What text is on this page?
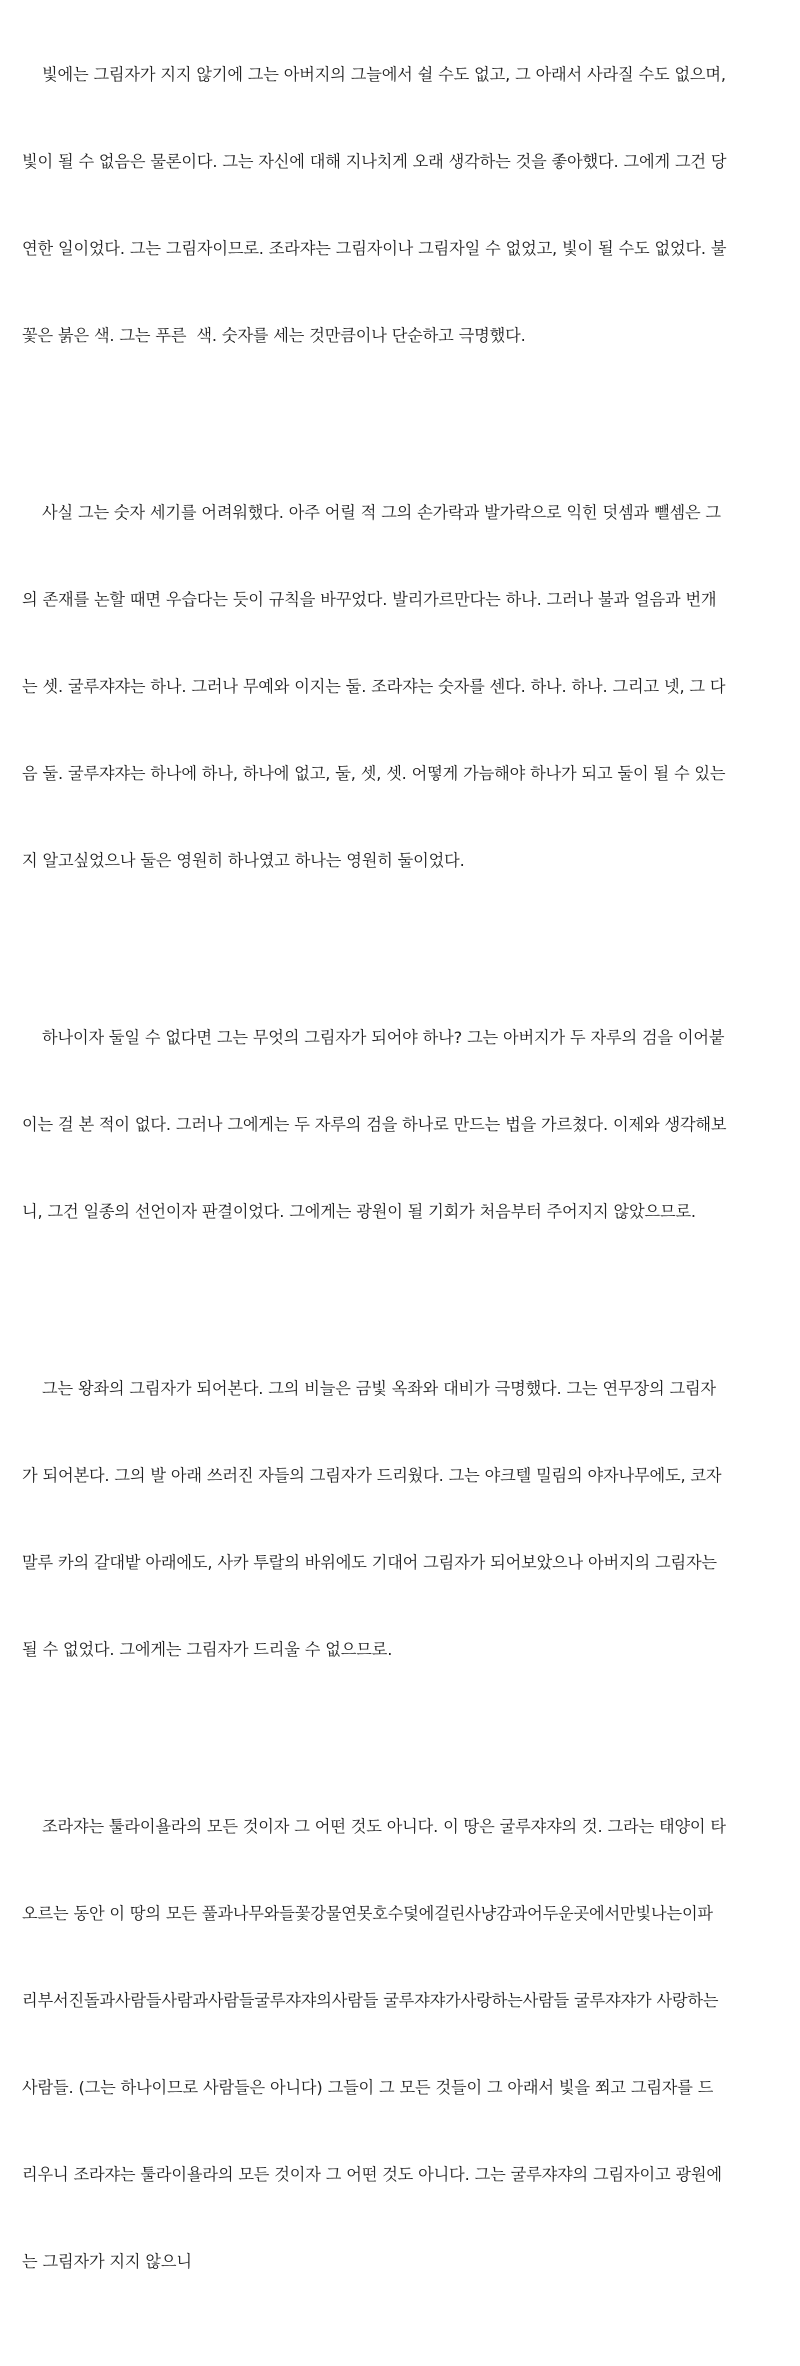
빛에는 그림자가 지지 않기에 그는 아버지의 그늘에서 쉴 수도 없고, 그 아래서 사라질 수도 없으며,

빛이 될 수 없음은 물론이다. 그는 자신에 대해 지나치게 오래 생각하는 것을 좋아했다. 그에게 그건 당

연한 일이었다. 그는 그림자이므로. 조라쟈는 그림자이나 그림자일 수 없었고, 빛이 될 수도 없었다. 불

꽃은 붉은 색. 그는 푸른  색. 숫자를 세는 것만큼이나 단순하고 극명했다.

사실 그는 숫자 세기를 어려워했다. 아주 어릴 적 그의 손가락과 발가락으로 익힌 덧셈과 뺄셈은 그

의 존재를 논할 때면 우습다는 듯이 규칙을 바꾸었다. 발리가르만다는 하나. 그러나 불과 얼음과 번개

는 셋. 굴루쟈쟈는 하나. 그러나 무예와 이지는 둘. 조라쟈는 숫자를 센다. 하나. 하나. 그리고 넷, 그 다

음 둘. 굴루쟈쟈는 하나에 하나, 하나에 없고, 둘, 셋, 셋. 어떻게 가늠해야 하나가 되고 둘이 될 수 있는

지 알고싶었으나 둘은 영원히 하나였고 하나는 영원히 둘이었다.

하나이자 둘일 수 없다면 그는 무엇의 그림자가 되어야 하나? 그는 아버지가 두 자루의 검을 이어붙

이는 걸 본 적이 없다. 그러나 그에게는 두 자루의 검을 하나로 만드는 법을 가르쳤다. 이제와 생각해보

니, 그건 일종의 선언이자 판결이었다. 그에게는 광원이 될 기회가 처음부터 주어지지 않았으므로.

그는 왕좌의 그림자가 되어본다. 그의 비늘은 금빛 옥좌와 대비가 극명했다. 그는 연무장의 그림자

가 되어본다. 그의 발 아래 쓰러진 자들의 그림자가 드리웠다. 그는 야크텔 밀림의 야자나무에도, 코자

말루 카의 갈대밭 아래에도, 사카 투랄의 바위에도 기대어 그림자가 되어보았으나 아버지의 그림자는

될 수 없었다. 그에게는 그림자가 드리울 수 없으므로.

조라쟈는 툴라이욜라의 모든 것이자 그 어떤 것도 아니다. 이 땅은 굴루쟈쟈의 것. 그라는 태양이 타

오르는 동안 이 땅의 모든 풀과나무와들꽃강물연못호수덫에걸린사냥감과어두운곳에서만빛나는이파

리부서진돌과사람들사람과사람들굴루쟈쟈의사람들 굴루쟈쟈가사랑하는사람들 굴루쟈쟈가 사랑하는

사람들. (그는 하나이므로 사람들은 아니다) 그들이 그 모든 것들이 그 아래서 빛을 쬐고 그림자를 드

리우니 조라쟈는 툴라이욜라의 모든 것이자 그 어떤 것도 아니다. 그는 굴루쟈쟈의 그림자이고 광원에

는 그림자가 지지 않으니
